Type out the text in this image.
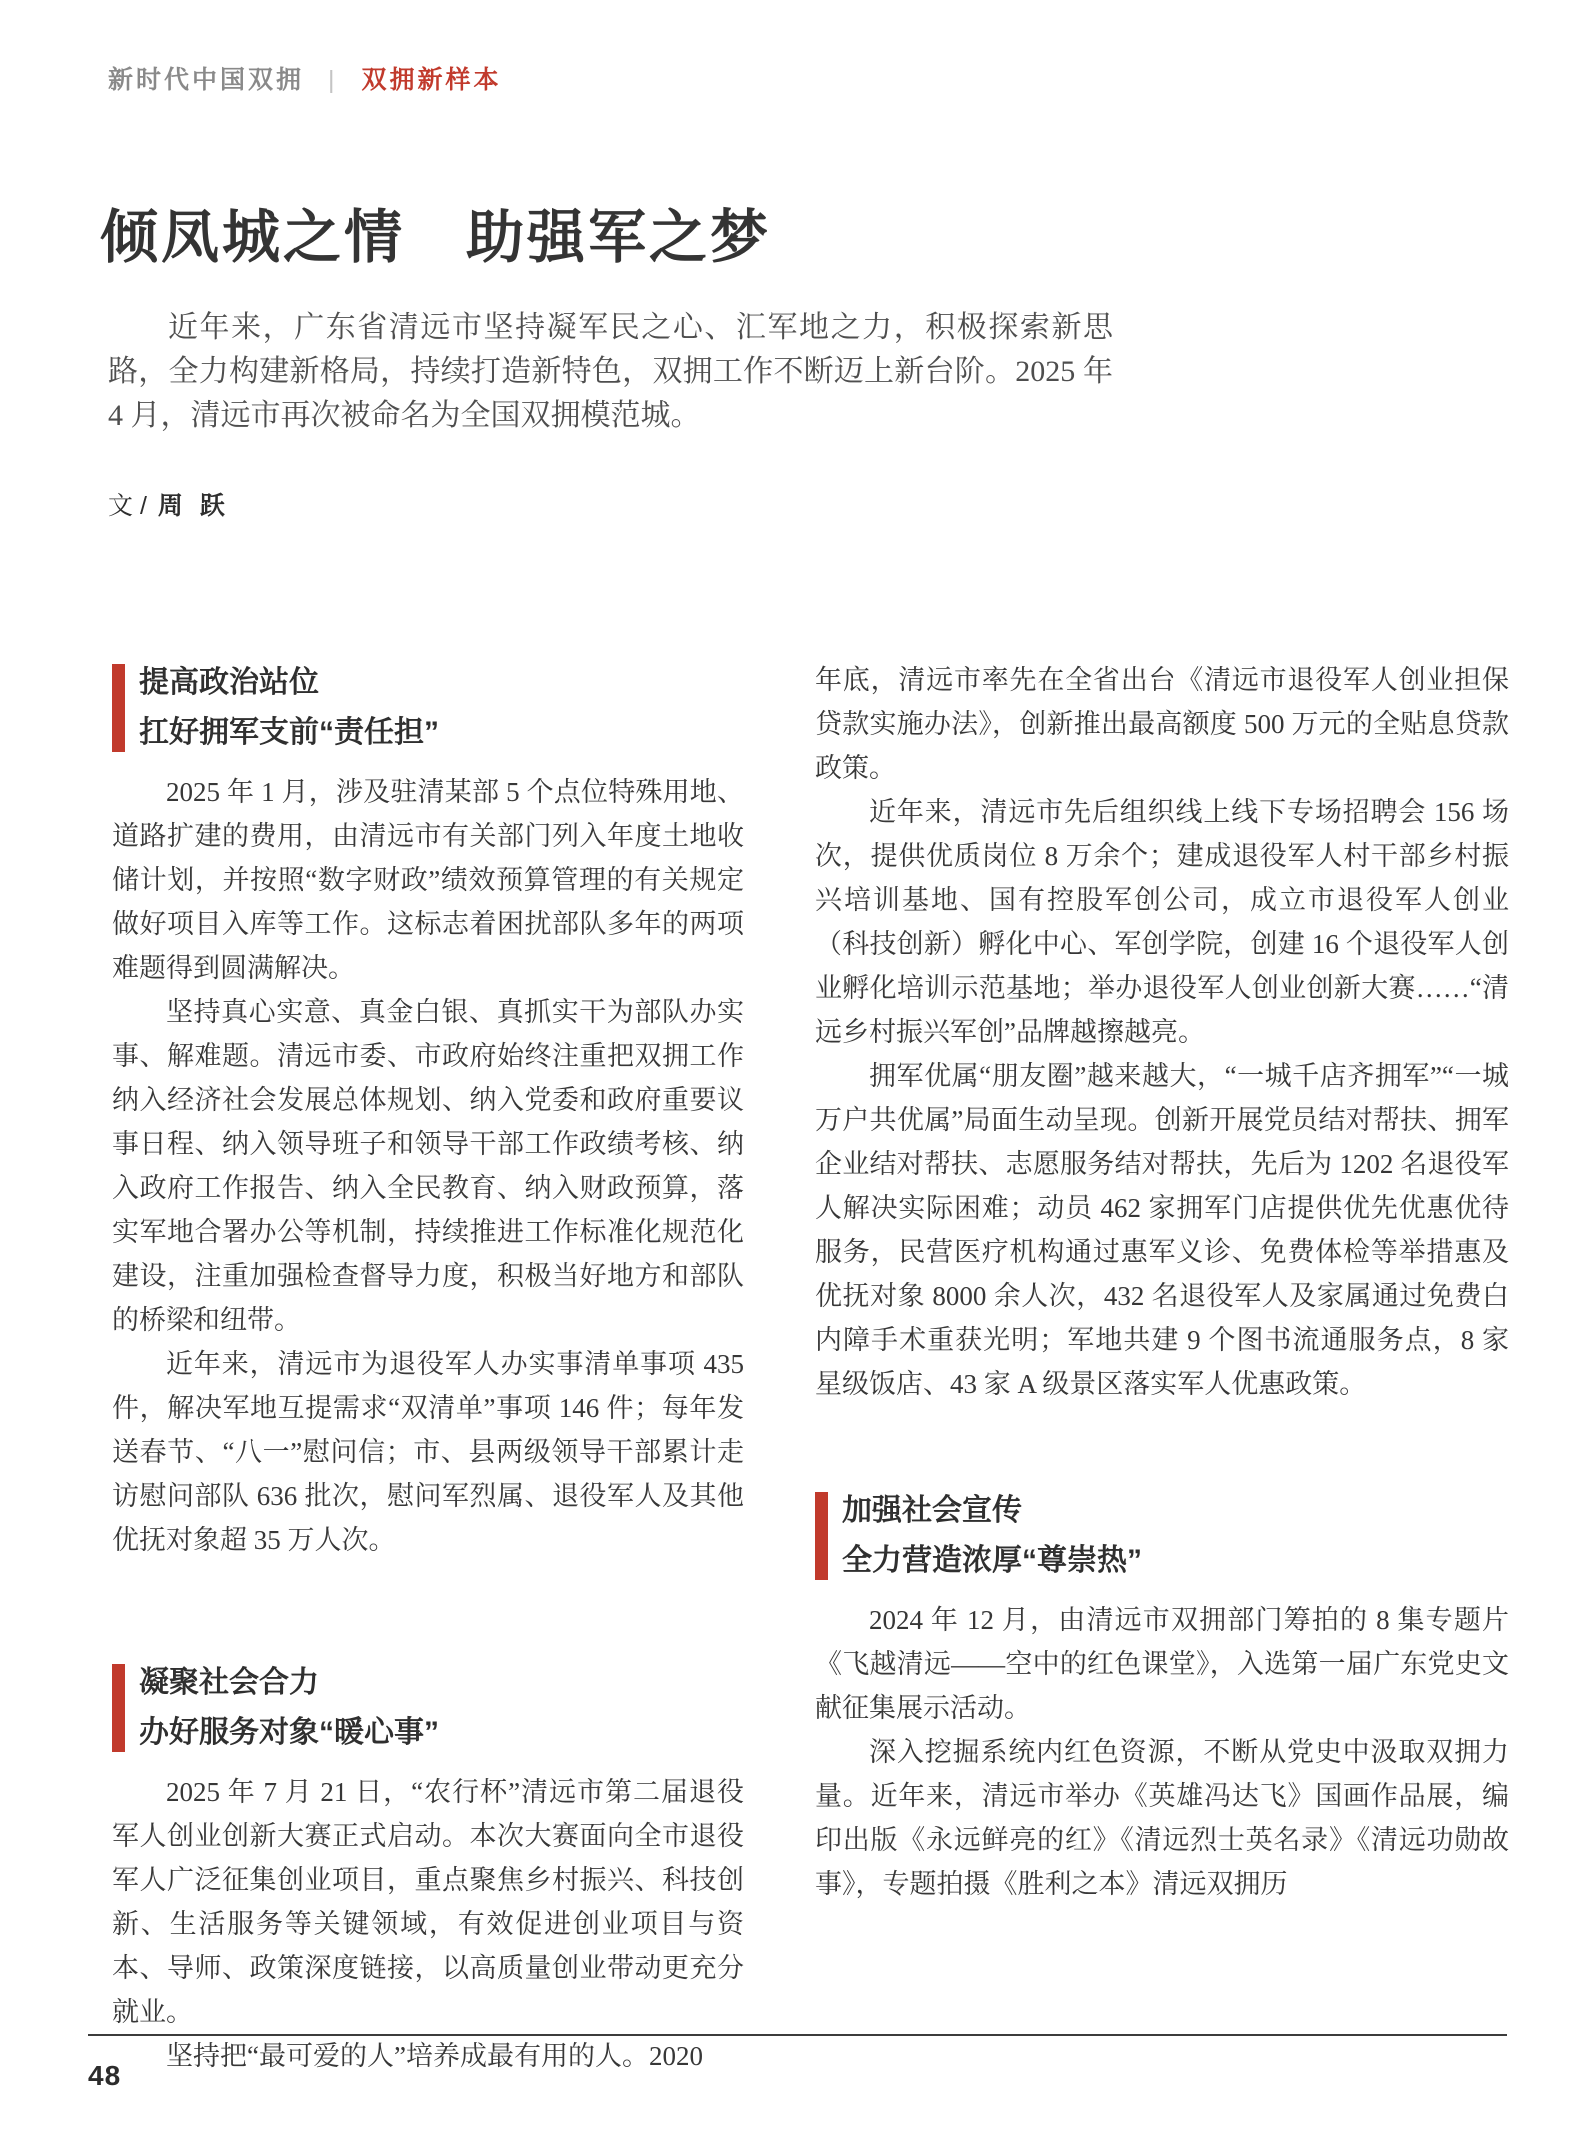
新时代中国双拥 | 双拥新样本
倾凤城之情　助强军之梦

近年来，广东省清远市坚持凝军民之心、汇军地之力，积极探索新思路，全力构建新格局，持续打造新特色，双拥工作不断迈上新台阶。2025 年 4 月，清远市再次被命名为全国双拥模范城。

文 / 周 跃
提高政治站位
扛好拥军支前“责任担”

2025 年 1 月，涉及驻清某部 5 个点位特殊用地、道路扩建的费用，由清远市有关部门列入年度土地收储计划，并按照“数字财政”绩效预算管理的有关规定做好项目入库等工作。这标志着困扰部队多年的两项难题得到圆满解决。

坚持真心实意、真金白银、真抓实干为部队办实事、解难题。清远市委、市政府始终注重把双拥工作纳入经济社会发展总体规划、纳入党委和政府重要议事日程、纳入领导班子和领导干部工作政绩考核、纳入政府工作报告、纳入全民教育、纳入财政预算，落实军地合署办公等机制，持续推进工作标准化规范化建设，注重加强检查督导力度，积极当好地方和部队的桥梁和纽带。

近年来，清远市为退役军人办实事清单事项 435 件，解决军地互提需求“双清单”事项 146 件；每年发送春节、“八一”慰问信；市、县两级领导干部累计走访慰问部队 636 批次，慰问军烈属、退役军人及其他优抚对象超 35 万人次。

凝聚社会合力
办好服务对象“暖心事”

2025 年 7 月 21 日，“农行杯”清远市第二届退役军人创业创新大赛正式启动。本次大赛面向全市退役军人广泛征集创业项目，重点聚焦乡村振兴、科技创新、生活服务等关键领域，有效促进创业项目与资本、导师、政策深度链接，以高质量创业带动更充分就业。

坚持把“最可爱的人”培养成最有用的人。2020

年底，清远市率先在全省出台《清远市退役军人创业担保贷款实施办法》，创新推出最高额度 500 万元的全贴息贷款政策。

近年来，清远市先后组织线上线下专场招聘会 156 场次，提供优质岗位 8 万余个；建成退役军人村干部乡村振兴培训基地、国有控股军创公司，成立市退役军人创业（科技创新）孵化中心、军创学院，创建 16 个退役军人创业孵化培训示范基地；举办退役军人创业创新大赛……“清远乡村振兴军创”品牌越擦越亮。

拥军优属“朋友圈”越来越大，“一城千店齐拥军”“一城万户共优属”局面生动呈现。创新开展党员结对帮扶、拥军企业结对帮扶、志愿服务结对帮扶，先后为 1202 名退役军人解决实际困难；动员 462 家拥军门店提供优先优惠优待服务，民营医疗机构通过惠军义诊、免费体检等举措惠及优抚对象 8000 余人次，432 名退役军人及家属通过免费白内障手术重获光明；军地共建 9 个图书流通服务点，8 家星级饭店、43 家 A 级景区落实军人优惠政策。

加强社会宣传
全力营造浓厚“尊崇热”

2024 年 12 月，由清远市双拥部门筹拍的 8 集专题片《飞越清远——空中的红色课堂》，入选第一届广东党史文献征集展示活动。

深入挖掘系统内红色资源，不断从党史中汲取双拥力量。近年来，清远市举办《英雄冯达飞》国画作品展，编印出版《永远鲜亮的红》《清远烈士英名录》《清远功勋故事》，专题拍摄《胜利之本》清远双拥历

48
